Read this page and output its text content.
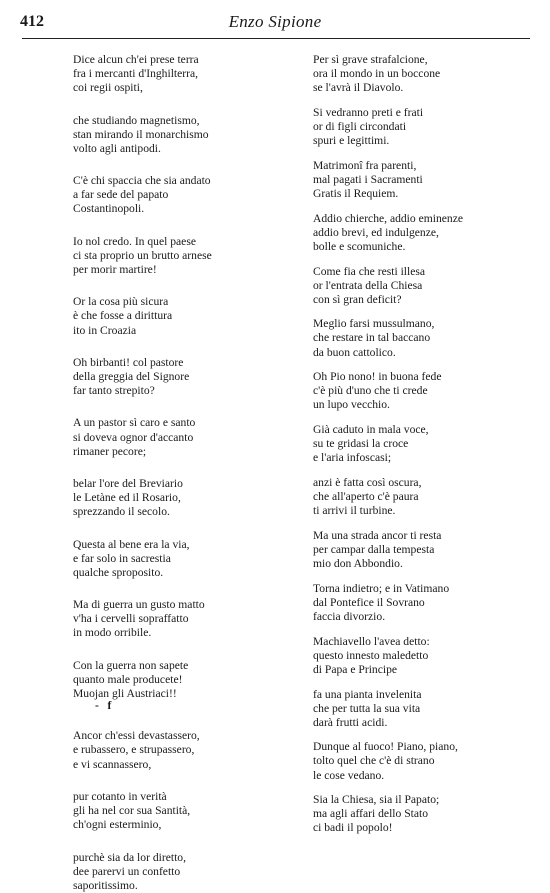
412	Enzo Sipione

Dice alcun ch'ei prese terra
fra i mercanti d'Inghilterra,
coi regii ospiti,

che studiando magnetismo,
stan mirando il monarchismo
volto agli antipodi.

C'è chi spaccia che sia andato
a far sede del papato
Costantinopoli.

Io nol credo. In quel paese
ci sta proprio un brutto arnese
per morir martire!

Or la cosa più sicura
è che fosse a dirittura
ito in Croazia

Oh birbanti! col pastore
della greggia del Signore
far tanto strepito?

A un pastor sì caro e santo
si doveva ognor d'accanto
rimaner pecore;

belar l'ore del Breviario
le Letàne ed il Rosario,
sprezzando il secolo.

Questa al bene era la via,
e far solo in sacrestia
qualche sproposito.

Ma di guerra un gusto matto
v'ha i cervelli sopraffatto
in modo orribile.

Con la guerra non sapete
quanto male producete!
Muojan gli Austriaci!!
-   f

Ancor ch'essi devastassero,
e rubassero, e strupassero,
e vi scannassero,

pur cotanto in verità
gli ha nel cor sua Santità,
ch'ogni esterminio,

purchè sia da lor diretto,
dee parervi un confetto
saporitissimo.

Per sì grave strafalcione,
ora il mondo in un boccone
se l'avrà il Diavolo.

Si vedranno preti e frati
or di figli circondati
spuri e legittimi.

Matrimonî fra parenti,
mal pagati i Sacramenti
Gratis il Requiem.

Addio chierche, addio eminenze
addio brevi, ed indulgenze,
bolle e scomuniche.

Come fia che resti illesa
or l'entrata della Chiesa
con sì gran deficit?

Meglio farsi mussulmano,
che restare in tal baccano
da buon cattolico.

Oh Pio nono! in buona fede
c'è più d'uno che ti crede
un lupo vecchio.

Già caduto in mala voce,
su te gridasi la croce
e l'aria infoscasi;

anzi è fatta così oscura,
che all'aperto c'è paura
ti arrivi il turbine.

Ma una strada ancor ti resta
per campar dalla tempesta
mio don Abbondio.

Torna indietro; e in Vatimano
dal Pontefice il Sovrano
faccia divorzio.

Machiavello l'avea detto:
questo innesto maledetto
di Papa e Principe

fa una pianta invelenita
che per tutta la sua vita
darà frutti acidi.

Dunque al fuoco! Piano, piano,
tolto quel che c'è di strano
le cose vedano.

Sia la Chiesa, sia il Papato;
ma agli affari dello Stato
ci badi il popolo!
